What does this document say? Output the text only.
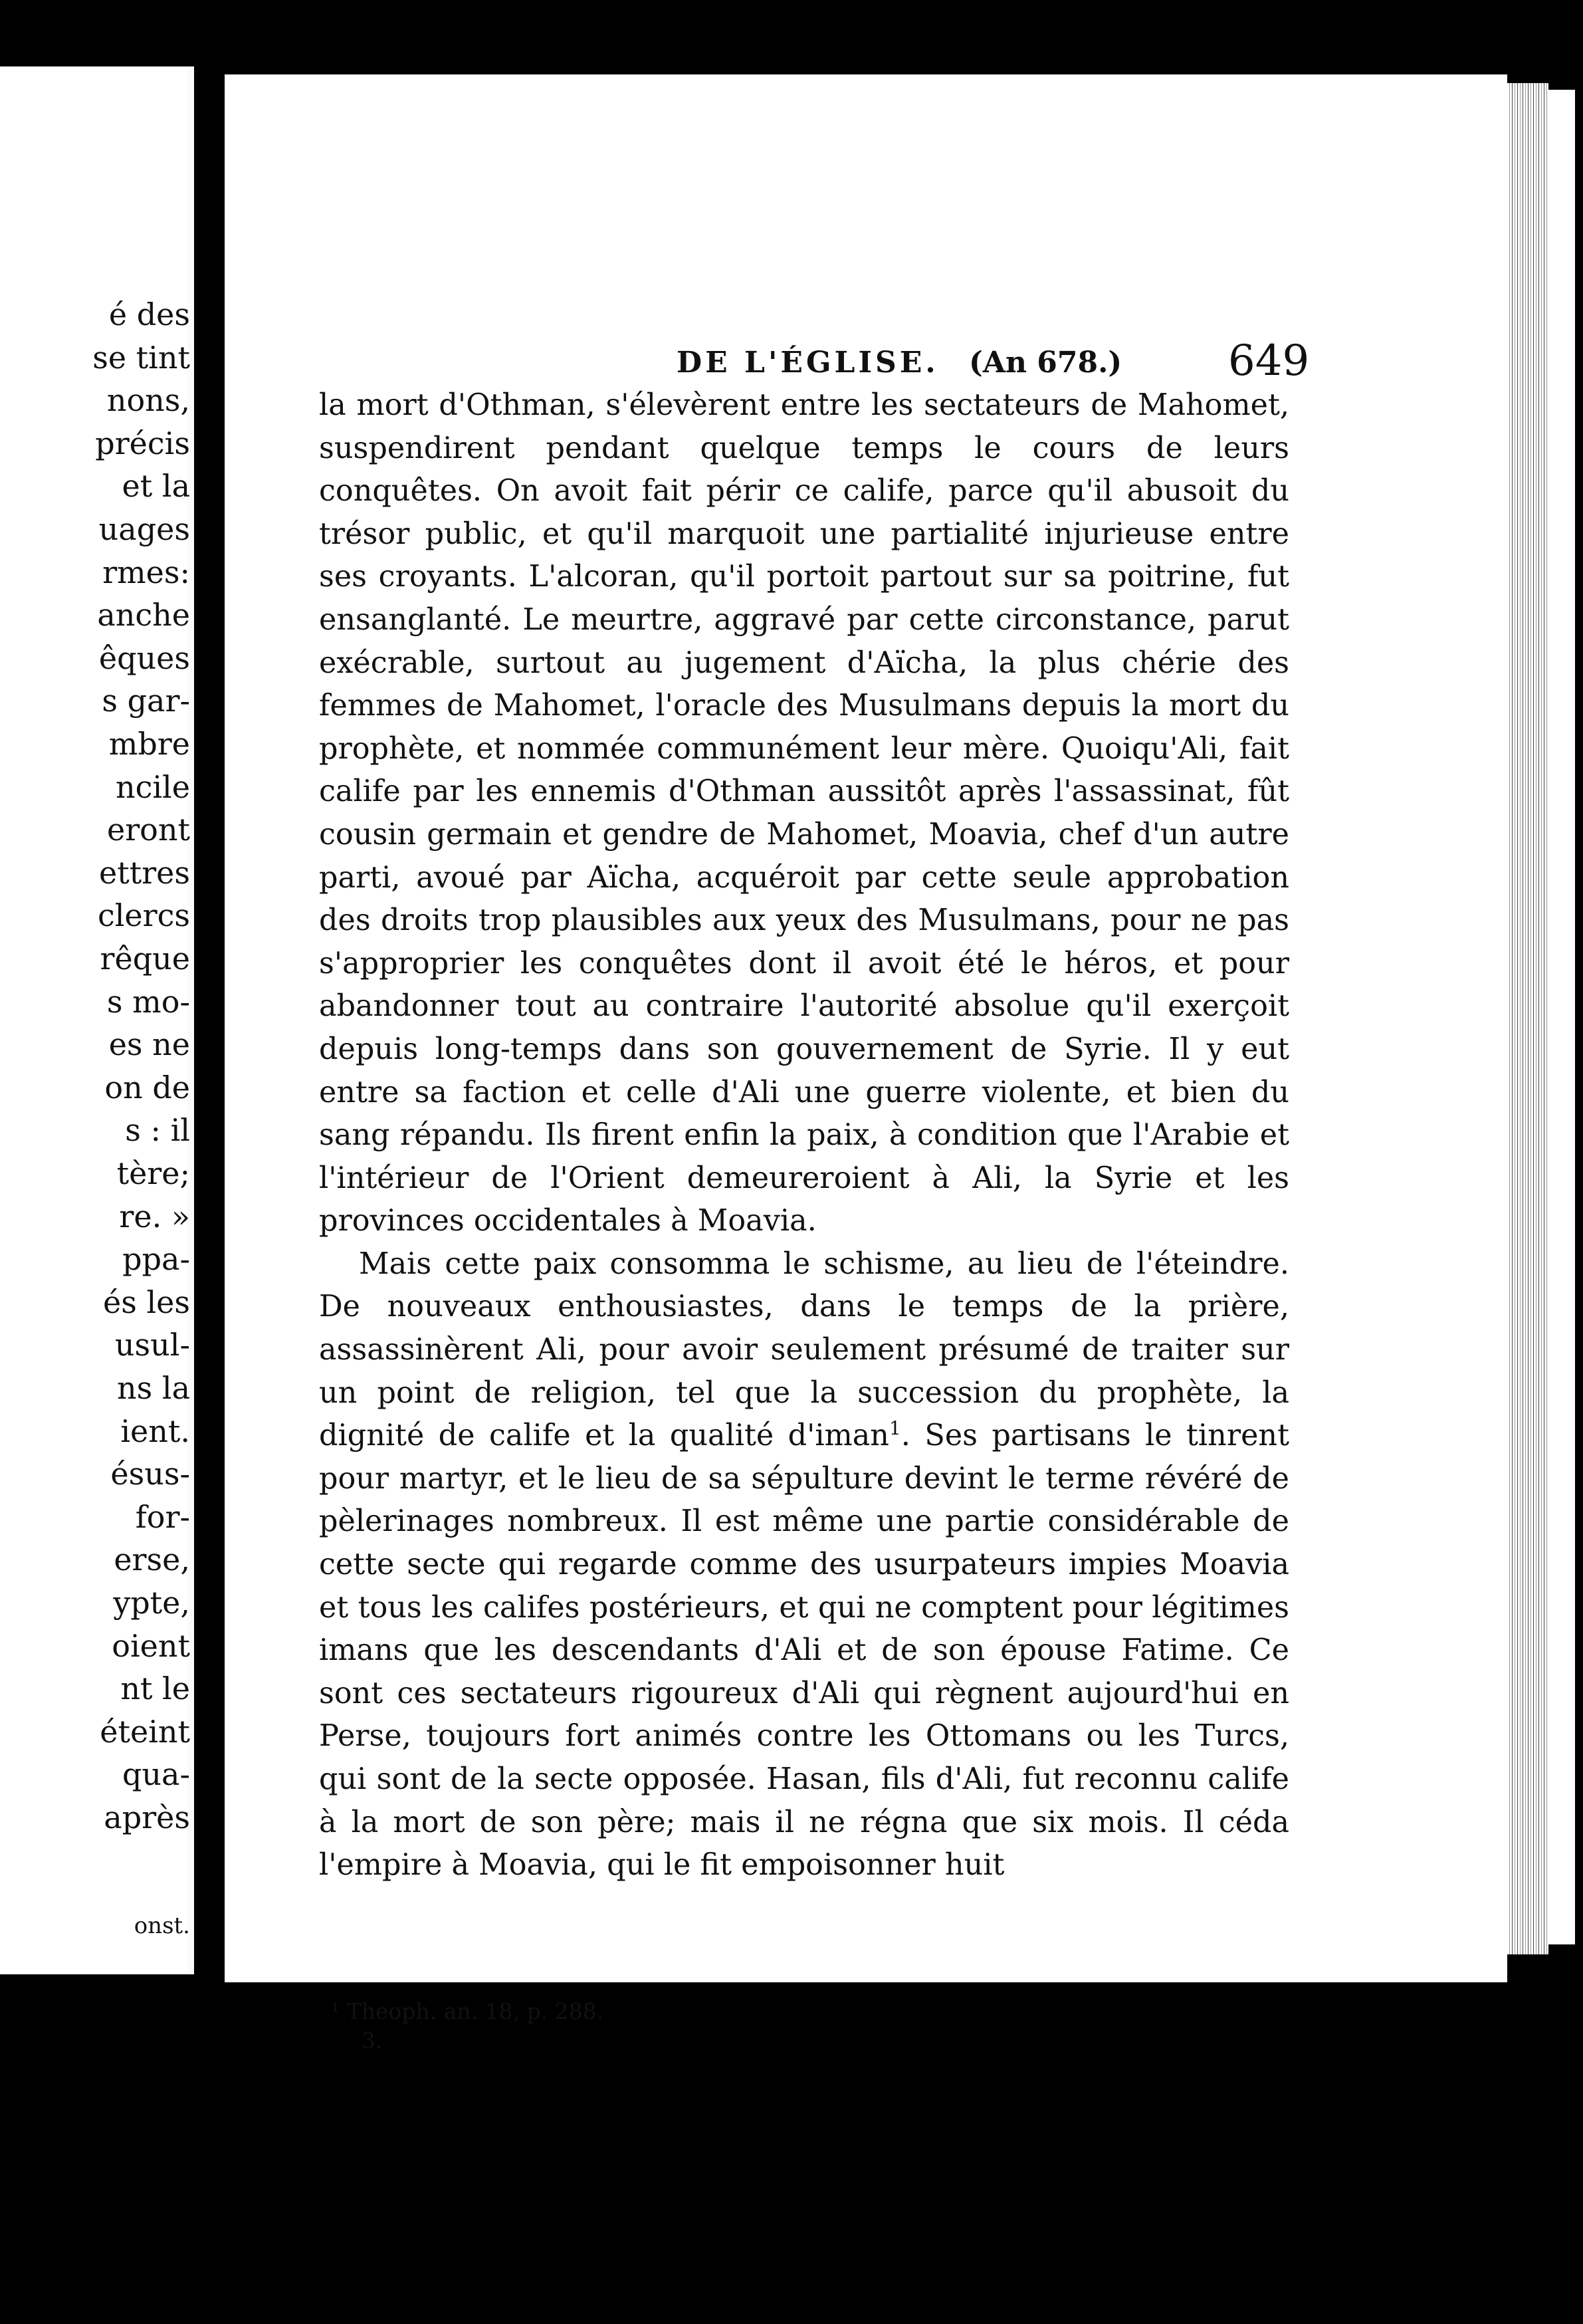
é des
se tint
nons,
précis
et la
uages
rmes:
anche
êques
s gar-
mbre
ncile
eront
ettres
clercs
rêque
s mo-
es ne
on de
s : il
tère;
re. »
ppa-
és les
usul-
ns la
ient.
ésus-
for-
erse,
ypte,
oient
nt le
éteint
qua-
après
onst.
DE L'ÉGLISE. (An 678.) 649

la mort d'Othman, s'élevèrent entre les sectateurs de Mahomet, suspendirent pendant quelque temps le cours de leurs conquêtes. On avoit fait périr ce calife, parce qu'il abusoit du trésor public, et qu'il marquoit une partialité injurieuse entre ses croyants. L'alcoran, qu'il portoit partout sur sa poitrine, fut ensanglanté. Le meurtre, aggravé par cette circonstance, parut exécrable, surtout au jugement d'Aïcha, la plus chérie des femmes de Mahomet, l'oracle des Musulmans depuis la mort du prophète, et nommée communément leur mère. Quoiqu'Ali, fait calife par les ennemis d'Othman aussitôt après l'assassinat, fût cousin germain et gendre de Mahomet, Moavia, chef d'un autre parti, avoué par Aïcha, acquéroit par cette seule approbation des droits trop plausibles aux yeux des Musulmans, pour ne pas s'approprier les conquêtes dont il avoit été le héros, et pour abandonner tout au contraire l'autorité absolue qu'il exerçoit depuis long-temps dans son gouvernement de Syrie. Il y eut entre sa faction et celle d'Ali une guerre violente, et bien du sang répandu. Ils firent enfin la paix, à condition que l'Arabie et l'intérieur de l'Orient demeureroient à Ali, la Syrie et les provinces occidentales à Moavia.

Mais cette paix consomma le schisme, au lieu de l'éteindre. De nouveaux enthousiastes, dans le temps de la prière, assassinèrent Ali, pour avoir seulement présumé de traiter sur un point de religion, tel que la succession du prophète, la dignité de calife et la qualité d'iman$^1$. Ses partisans le tinrent pour martyr, et le lieu de sa sépulture devint le terme révéré de pèlerinages nombreux. Il est même une partie considérable de cette secte qui regarde comme des usurpateurs impies Moavia et tous les califes postérieurs, et qui ne comptent pour légitimes imans que les descendants d'Ali et de son épouse Fatime. Ce sont ces sectateurs rigoureux d'Ali qui règnent aujourd'hui en Perse, toujours fort animés contre les Ottomans ou les Turcs, qui sont de la secte opposée. Hasan, fils d'Ali, fut reconnu calife à la mort de son père; mais il ne régna que six mois. Il céda l'empire à Moavia, qui le fit empoisonner huit

¹ Theoph. an. 18, p. 288.
3.
